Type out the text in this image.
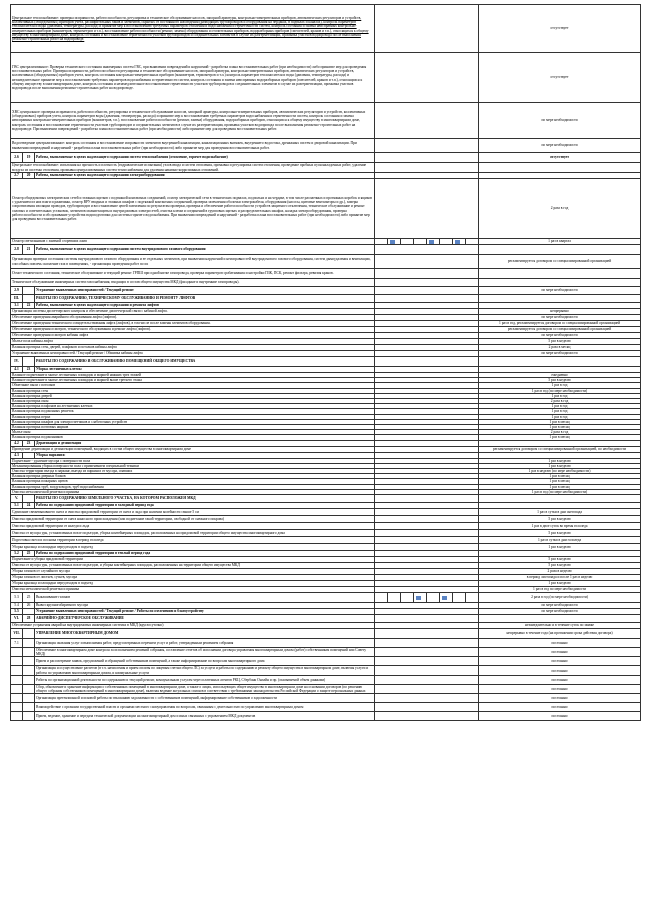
Центральное теплоснабжение: проверка исправности, работоспособности, регулировка и техническое обслуживание насосов, запорной арматуры, контрольно-измерительных приборов, автоматических регуляторов и устройств, коллективных (общедомовых) приборов учета, расширительных баков и элементов, скрытых от постоянного наблюдения (разводящих трубопроводов и оборудования на чердаках, в подвалах и каналах), контроль параметров теплоносителя и воды (давления, температуры, расхода) и принятие мер к восстановлению требуемых параметров отопления и водоснабжения и герметичности систем, контроль состояния и замена неисправных контрольно-измерительных приборов (манометров, термометров и т.п.), восстановление работоспособности (ремонт, замена) оборудования и отопительных приборов, водоразборных приборов (смесителей, кранов и т.п.), относящихся к общему имуществу в многоквартирном доме, контроль состояния и восстановление герметичности участков трубопроводов и соединительных элементов в случае их разгерметизации, промывка участков водопровода после выполнения ремонтно-строительных работ на водопроводе.											отсутствует
ГВС централизованное: Проверка технического состояния инженерных систем ГВС, при выявлении повреждений и нарушений - разработка плана восстановительных работ (при необходимости) либо принятие мер для проведения восстановительных работ. Проверка исправности, работоспособности регулировка и техническое обслуживание насосов, запорной арматуры, контрольно-измерительных приборов, автоматических регуляторов и устройств, коллективных (общедомовых) приборов учета, контроль состояния контрольно-измерительных приборов (манометров, термометров и т.п.) контроль параметров теплоносителя и воды (давления, температуры, расхода) и незамедлительное принятие мер к восстановлению требуемых параметров водоснабжения и герметичности систем, контроль состояния и замена неисправных водоразборных приборов (смесителей, кранов и т.п.), относящихся к общему имуществу в многоквартирном доме, контроль состояния и незамедлительное восстановление герметичности участков трубопроводов и соединительных элементов в случае их разгерметизации, промывка участков водопровода после выполнения ремонтно-строительных работ на водопроводе.											отсутствует
ХВС центральное: проверка исправности, работоспособности, регулировка и техническое обслуживание насосов, запорной арматуры, контрольно-измерительных приборов, автоматических регуляторов и устройств, коллективных (общедомовых) приборов учета, контроль параметров воды (давления, температуры, расхода) и принятие мер к восстановлению требуемых параметров водоснабжения и герметичности систем, контроль состояния и замена неисправных контрольно-измерительных приборов (манометров, т.п.), восстановление работоспособности (ремонт, замена) оборудования, водоразборных приборов, относящихся к общему имуществу в многоквартирном доме, контроль состояния и восстановление герметичности участков трубопроводов и соединительных элементов в случае их разгерметизации, промывка участков водопровода после выполнения ремонтно-строительных работ на водопроводе. При выявлении повреждений - разработка плана восстановительных работ (при необходимости) либо принятие мер для проведения восстановительных работ.											по мере необходимости
Водоотведение централизованное: контроль состояния и восстановление исправности элементов внутренней канализации, канализационных вытяжек, внутреннего водостока, дренажных систем и дворовой канализации. При выявлении повреждений и нарушений - разработка плана восстановительных работ (при необходимости) либо принятие мер для проведения восстановительных работ.											по мере необходимости
2.6	19	Работы, выполняемые в целях надлежащего содержания систем теплоснабжения (отопление, горячее водоснабжение)									отсутствует
Центральное теплоснабжение: испытания на прочность и плотность (гидравлические испытания) узлов ввода и систем отопления, промывка и регулировка систем отопления, проведение пробных пусконаладочных работ, удаление воздуха из системы отопления, промывка централизованных систем теплоснабжения для удаления накипно-коррозионных отложений.											
2.7	20	Работы, выполняемые в целях надлежащего содержания электрооборудования									
Осмотр общедомовых электрических сетей и этажных щитков с подтяжкой контактных соединений, осмотр электрической сети в технических подвалах, подпольях и на чердаке, в том числе распаечных и протяжных коробок и ящиков с удалением из них влаги и ржавчины, осмотр ВРУ вводных и этажных шкафов с подтяжкой контактных соединений, проверка заземления оболочки электрокабеля, оборудования (насосы, щитовые вентиляторы и др.), замеры сопротивления изоляции проводов, трубопроводов и восстановление цепей заземления по результатам проверки, проверка и обеспечение работоспособности устройств защитного отключения, техническое обслуживание и ремонт силовых и осветительных установок, элементов молниезащиты и внутридомовых электросетей, очистка клемм и соединений в групповых щитках и распределительных шкафах, наладка электрооборудования, проверка работоспособности и обслуживание устройства водоподготовки для системы горячего водоснабжения. При выявлении повреждений и нарушений - разработка плана восстановительных работ (при необходимости) либо принятие мер для проведения восстановительных работ.											2 раза в год
Осмотр светильников с заменой сгоревших ламп											1 раз в квартал
2.8	21	Работы, выполняемые в целях надлежащего содержания систем внутридомового газового оборудования									
Организация проверки состояния системы внутридомового газового оборудования и ее отдельных элементов, при выявлении нарушений и неисправностей внутридомового газового оборудования, систем дымоудаления и вентиляции, способных повлечь скопление газа в помещениях, - организация проведения работ по их											регламентируется договором со специализированной организацией
Осмот технического состояния, техническое обслуживание и текущий ремонт ГРПШ при одной нитке газопровода, проверка параметров срабатывания и настройки ПЗК, ПСК, ремонт фильтра, ревизия кранов.											
Техническое обслуживание инженерных систем газоснабжения, входящих в состав общего имущества МКД (фасадные и внутренние газопроводы).											
2.9		Устранение выявленных неисправностей / Текущий ремонт									по мере необходимости
III.		РАБОТЫ ПО СОДЕРЖАНИЮ, ТЕХНИЧЕСКОМУ ОБСЛУЖИВАНИЮ И РЕМОНТУ ЛИФТОВ									
3.1	22	Работы, выполняемые в целях надлежащего содержания и ремонта лифтов									
Организация системы диспетчерского контроля и обеспечение диспетчерской связи с кабиной лифта.											непрерывно
Обеспечение проведения аварийного обслуживания лифта (лифтов).											по мере необходимости
Обеспечение проведения технического освидетельствования лифта (лифтов), в том числе после замены элементов оборудования.											1 раз в год, регламентируется договором со специализированной организацией
Обеспечение проведения осмотров, технического обслуживания и ремонт лифта (лифтов).											регламентируется договором со специализированной организацией
Обеспечение проведения осмотров кабины лифта											по мере необходимости
Мытье пола кабины лифта											5 раз в неделю
Влажная протирка стен, дверей, плафонов и потолков кабины лифта											2 раза в месяц
Устранение выявленных неисправностей / Текущий ремонт / Обшивка кабины лифта											по мере необходимости
IV.		РАБОТЫ ПО СОДЕРЖАНИЮ И ОБСЛУЖИВАНИЮ ПОМЕЩЕНИЙ ОБЩЕГО ИМУЩЕСТВА									
4.1	23	Уборка лестничных клеток:									
Влажное подметание и мытье лестничных площадок и маршей нижних трех этажей											ежедневно
Влажное подметание и мытье лестничных площадок и маршей выше третьего этажа											5 раз в неделю
Обметание пыли с потолков											1 раз в год
Влажная протирка стен											1 раз в год (по мере необходимости)
Влажная протирка дверей											1 раз в год
Влажная протирка окон											2 раза в год
Влажная протирка плафонов на лестничных клетках											1 раз в год
Влажная протирка подоконных решеток											1 раз в год
Влажная протирка перил											1 раз в год
Влажная протирка шкафов для электросчетчиков и слаботочных устройств											1 раз в месяц
Влажная протирка почтовых ящиков											1 раз в месяц
Мытье окон											2 раза в год
Влажная протирка подоконников											1 раз в месяц
4.2	23	Дератизация и дезинсекция									
Проведение дератизации и дезинсекции помещений, входящих в состав общего имущества в многоквартирном доме											регламентируется договором со специализированной организацией, по необходимости
4.3		Уборка паркинга:									
Подметание - удаление мусора с поверхности пола											1 раз в неделю
Механизированная уборка поверхности пола с применением специальной техники											1 раз в неделю
Очистка территории въезда в паркинг, выезда из паркинга от мусора, опавших											1 раз в неделю (по мере необходимости)
Влажная протирка дверных блоков											1 раз в месяц
Влажная протирка пожарных щитов											1 раз в месяц
Влажная протирка труб, воздуховодов, труб водоснабжения											1 раз в месяц
Очистка металлической решетки и приямка											1 раз в год (по мере необходимости)
V.		РАБОТЫ ПО СОДЕРЖАНИЮ ЗЕМЕЛЬНОГО УЧАСТКА, НА КОТОРОМ РАСПОЛОЖЕН МКД									
5.1	24	Работы по содержанию придомовой территории в холодный период года									
Сдвигание свежевыпавшего снега и очистка придомовой территории от снега и льда при наличии колейности свыше 5 см											1 раз в сутки в дни снегопада
Очистка придомовой территории от снега наносного происхождения (или подметание такой территории, свободной от снежного покрова)											5 раз в неделю
Очистка придомовой территории от наледи и льда											1 раз в двое суток во время гололеда
Очистка от мусора урн, установленных возле подъездов, уборка контейнерных площадок, расположенных на придомовой территории общего имущества многоквартирного дома											5 раз в неделю
Подготовка смеси и посыпка территории в период гололеда											1 раз в сутки в дни гололеда
Уборка крыльца и площадки перед входом в подъезд											1 раз в неделю
5.2	25	Работы по содержанию придомовой территории в теплый период года									
Подметание и уборка придомовой территории											5 раз в неделю
Очистка от мусора урн, установленных возле подъездов, и уборка контейнерных площадок, расположенных на территории общего имущества МКД											5 раз в неделю
Уборка газонов от случайного мусора											2 раза в неделю
Уборка газонов от листьев, сучьев, мусора											в период листопада и после 1 раз в неделю
Уборка крыльца и площадки перед входом в подъезд											1 раз в неделю
Очистка металлической решетки и приямка											1 раз в год по мере необходимости
5.3	25	Выкашивание газонов									2 раза в год (по мере необходимости)
5.4	26	Вывоз крупногабаритного мусора									по мере необходимости
5.5		Устранение выявленных неисправностей / Текущий ремонт / Работы по озеленению и благоустройству									по мере необходимости
VI.	28	АВАРИЙНО-ДИСПЕТЧЕРСКОЕ ОБСЛУЖИВАНИЕ									
Обеспечение устранения аварий на внутридомовых инженерных системах в МКД (круглосуточно)											незамедлительно и в течение суток по заявке
VII.		УПРАВЛЕНИЕ МНОГОКВАРТИРНЫМ ДОМОМ									непрерывно в течение года (на протяжении срока действия договора)
7.1		Организация оказания услуг и выполнения работ, предусмотренных перечнем услуг и работ, утвержденным решением собрания									постоянно
		Обеспечение в многоквартирном доме контроля за исполнением решений собрания, составление отчетов об исполнении договора управления многоквартирным домом (работ) собственникам помещений или Совету МКД)									постоянно
		Прием и рассмотрение заявок, предложений и обращений собственников помещений, а также информирование по вопросам многоквартирного дома									постоянно
		Организация и осуществление расчетов (в т.ч. начисления и прием оплаты по лицевым счетам общего ЛС) за услуги и работы по содержанию и ремонту общего имущества в многоквартирном доме, включая услуги и работы по управлению многоквартирным домом, и коммунальные услуги									постоянно
		Работы по организационной деятельности по содержанию и текущий ремонт, коммунальным услугам через платежных агентов РКЦ, Сбербанк Онлайн и пр. (оказываемой объем данными)									постоянно
		Сбор, обновление и хранение информации о собственниках помещений в многоквартирном доме, а также о лицах, использующих общее имущество в многоквартирном доме на основании договоров (по решению общего собрания собственников помещений в многоквартирном доме), включая ведение актуальных списков в соответствии с требованиями законодательства Российской Федерации о защите персональных данных									постоянно
		Организация претензионной и исковой работы по взысканию задолженности с собственников помещений, информирование собственников о задолженности									постоянно
		Взаимодействие с органами государственной власти и органами местного самоуправления по вопросам, связанным с деятельностью по управлению многоквартирным домом									постоянно
		Прием, ведение, хранение и передача технической документации на многоквартирный дом и иных связанных с управлением МКД документов									постоянно
